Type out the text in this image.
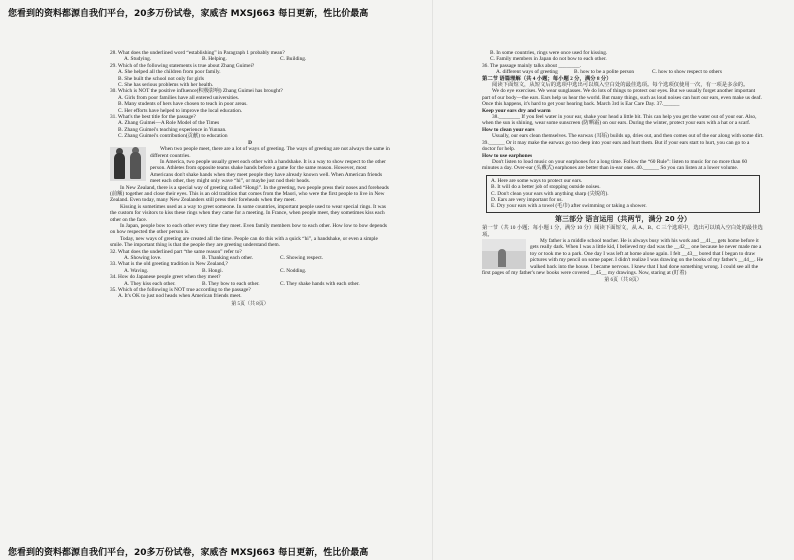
您看到的资料都源自我们平台，20多万份试卷，家威杏 MXSJ663 每日更新，性比价最高
28. What does the underlined word “establishing” in Paragraph 1 probably mean?
A. Studying.	B. Helping.	C. Building.
29. Which of the following statements is true about Zhang Guimei?
A. She helped all the children from poor family.
B. She built the school not only for girls
C. She has serious problems with her health.
30. Which is NOT the positive influence(积极影响) Zhang Guimei has brought?
A. Girls from poor families have all entered universities.
B. Many students of hers have chosen to teach in poor areas.
C. Her efforts have helped to improve the local education.
31. What's the best title for the passage?
A. Zhang Guimei—A Role Model of the Times
B. Zhang Guimei's teaching experience in Yunnan.
C. Zhang Guimei's contribution(贡献) to education
D

When two people meet, there are a lot of ways of greeting. The ways of greeting are not always the same in different countries.

In America, two people usually greet each other with a handshake. It is a way to show respect to the other person. Athletes from opposite teams shake hands before a game for the same reason. However, most Americans don't shake hands when they meet people they have already known well. When American friends meet each other, they might only wave “hi”, or maybe just nod their heads.

In New Zealand, there is a special way of greeting called “Hongi”. In the greeting, two people press their noses and foreheads (前额) together and close their eyes. This is an old tradition that comes from the Maori, who were the first people to live in New Zealand. Even today, many New Zealanders still press their foreheads when they meet.

Kissing is sometimes used as a way to greet someone. In some countries, important people used to wear special rings. It was the custom for visitors to kiss these rings when they came for a meeting. In France, when people meet, they sometimes kiss each other on the face.

In Japan, people bow to each other every time they meet. Even family members bow to each other. How low to bow depends on how respected the other person is.

Today, new ways of greeting are created all the time. People can do this with a quick “hi”, a handshake, or even a simple smile. The important thing is that the people they are greeting understand them.

32. What does the underlined part “the same reason” refer to?
A. Showing love.	B. Thanking each other.	C. Showing respect.
33. What is the old greeting tradition in New Zealand,?
A. Waving.	B. Hongi.	C. Nodding.
34. How do Japanese people greet when they meet?
A. They kiss each other.	B. They bow to each other.	C. They shake hands with each other.
35. Which of the following is NOT true according to the passage?
A. It's OK to just nod heads when American friends meet.
第 5页（共 8页）
B. In some countries, rings were once used for kissing.
C. Family members in Japan do not bow to each other.
36. The passage mainly talks about ________.
A. different ways of greeting	B. how to be a polite person	C. how to show respect to others
第二节 语篇理解（共 4 小题；每小题 2 分，满分 8 分）
阅读下面短文，从短文后的选项中选出可以填入空白处的最佳选项。每个选项仅使用一次，有一项是多余的。

We do eye exercises. We wear sunglasses. We do lots of things to protect our eyes. But we usually forget another important part of our body—the ears. Ears help us hear the world. But many things, such as loud noises can hurt our ears, even make us deaf. Once this happens, it's hard to get your hearing back. March 3rd is Ear Care Day. 37.______

Keep your ears dry and warm

38.________ If you feel water in your ear, shake your head a little bit. This can help you get the water out of your ear. Also, when the sun is shining, wear some sunscreen (防晒霜) on our ears. During the winter, protect your ears with a hat or a scarf.

How to clean your ears

Usually, our ears clean themselves. The earwax (耳垢) builds up, dries out, and then comes out of the ear along with some dirt. 39.______ Or it may make the earwax go too deep into your ears and hurt them. But if your ears start to hurt, you can go to a doctor for help.

How to use earphones

Don't listen to loud music on your earphones for a long time. Follow the “60 Rule”: listen to music for no more than 60 minutes a day. Over-ear (头戴式) earphones are better than in-ear ones. 40.______ So you can listen at a lower volume.

A. Here are some ways to protect our ears.
B. It will do a better job of stopping outside noises.
C. Don't clean your ears with anything sharp (尖锐的).
D. Ears are very important for us.
E. Dry your ears with a towel (毛巾) after swimming or taking a shower.
第三部分 语言运用（共两节，满分 20 分）
第一节（共 10 小题；每小题 1 分，满分 10 分）阅读下面短文，从 A、B、C 三个选项中，选出可以填入空白处的最佳选项。

My father is a middle school teacher. He is always busy with his work and __41__ gets home before it gets really dark. When I was a little kid, I believed my dad was the __42__ one because he never made me a toy or took me to a park. One day I was left at home alone again. I felt __43__ bored that I began to draw pictures with my pencil on some paper. I didn't realize I was drawing on the books of my father's __44__. He walked back into the house. I became nervous. I knew that I had done something wrong. I could see all the first pages of my father's new books were covered __45__ my drawings. Now, staring at (盯着)

第 6页（共 8页）
您看到的资料都源自我们平台，20多万份试卷，家威杏 MXSJ663 每日更新，性比价最高
